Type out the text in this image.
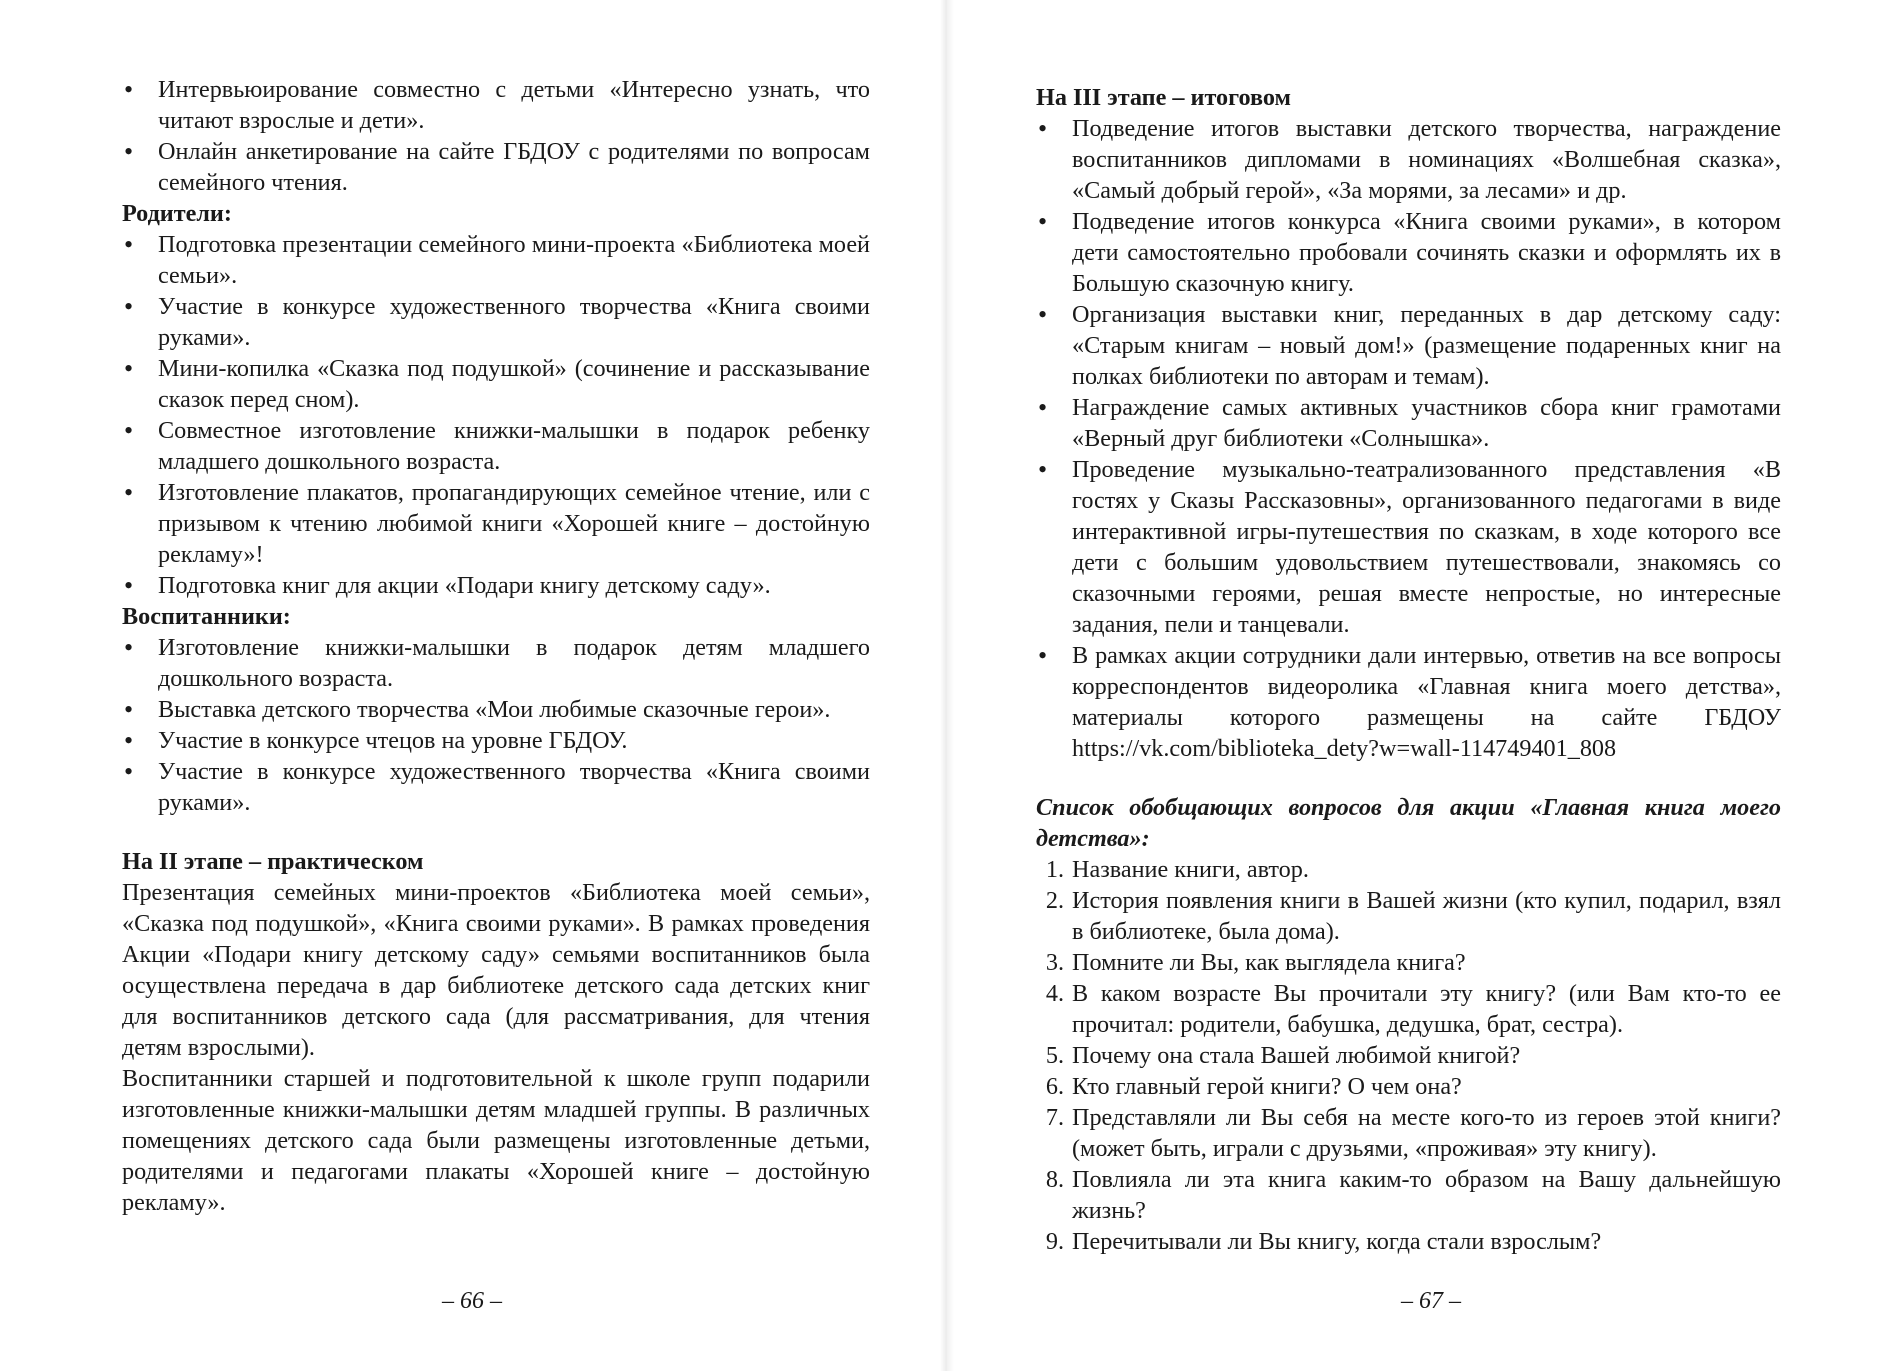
• Интервьюирование совместно с детьми «Интересно узнать, что читают взрослые и дети».
• Онлайн анкетирование на сайте ГБДОУ с родителями по вопросам семейного чтения.
Родители:
• Подготовка презентации семейного мини-проекта «Библиотека моей семьи».
• Участие в конкурсе художественного творчества «Книга своими руками».
• Мини-копилка «Сказка под подушкой» (сочинение и рассказывание сказок перед сном).
• Совместное изготовление книжки-малышки в подарок ребенку младшего дошкольного возраста.
• Изготовление плакатов, пропагандирующих семейное чтение, или с призывом к чтению любимой книги «Хорошей книге – достойную рекламу»!
• Подготовка книг для акции «Подари книгу детскому саду».
Воспитанники:
• Изготовление книжки-малышки в подарок детям младшего дошкольного возраста.
• Выставка детского творчества «Мои любимые сказочные герои».
• Участие в конкурсе чтецов на уровне ГБДОУ.
• Участие в конкурсе художественного творчества «Книга своими руками».
На II этапе – практическом

Презентация семейных мини-проектов «Библиотека моей семьи», «Сказка под подушкой», «Книга своими руками». В рамках проведения Акции «Подари книгу детскому саду» семьями воспитанников была осуществлена передача в дар библиотеке детского сада детских книг для воспитанников детского сада (для рассматривания, для чтения детям взрослыми).

Воспитанники старшей и подготовительной к школе групп подарили изготовленные книжки-малышки детям младшей группы. В различных помещениях детского сада были размещены изготовленные детьми, родителями и педагогами плакаты «Хорошей книге – достойную рекламу».

– 66 –
На III этапе – итоговом
• Подведение итогов выставки детского творчества, награждение воспитанников дипломами в номинациях «Волшебная сказка», «Самый добрый герой», «За морями, за лесами» и др.
• Подведение итогов конкурса «Книга своими руками», в котором дети самостоятельно пробовали сочинять сказки и оформлять их в Большую сказочную книгу.
• Организация выставки книг, переданных в дар детскому саду: «Старым книгам – новый дом!» (размещение подаренных книг на полках библиотеки по авторам и темам).
• Награждение самых активных участников сбора книг грамотами «Верный друг библиотеки «Солнышка».
• Проведение музыкально-театрализованного представления «В гостях у Сказы Рассказовны», организованного педагогами в виде интерактивной игры-путешествия по сказкам, в ходе которого все дети с большим удовольствием путешествовали, знакомясь со сказочными героями, решая вместе непростые, но интересные задания, пели и танцевали.
• В рамках акции сотрудники дали интервью, ответив на все вопросы корреспондентов видеоролика «Главная книга моего детства», материалы которого размещены на сайте ГБДОУ https://vk.com/biblioteka_dety?w=wall-114749401_808
Список обобщающих вопросов для акции «Главная книга моего детства»:
1. Название книги, автор.
2. История появления книги в Вашей жизни (кто купил, подарил, взял в библиотеке, была дома).
3. Помните ли Вы, как выглядела книга?
4. В каком возрасте Вы прочитали эту книгу? (или Вам кто-то ее прочитал: родители, бабушка, дедушка, брат, сестра).
5. Почему она стала Вашей любимой книгой?
6. Кто главный герой книги? О чем она?
7. Представляли ли Вы себя на месте кого-то из героев этой книги? (может быть, играли с друзьями, «проживая» эту книгу).
8. Повлияла ли эта книга каким-то образом на Вашу дальнейшую жизнь?
9. Перечитывали ли Вы книгу, когда стали взрослым?
– 67 –
